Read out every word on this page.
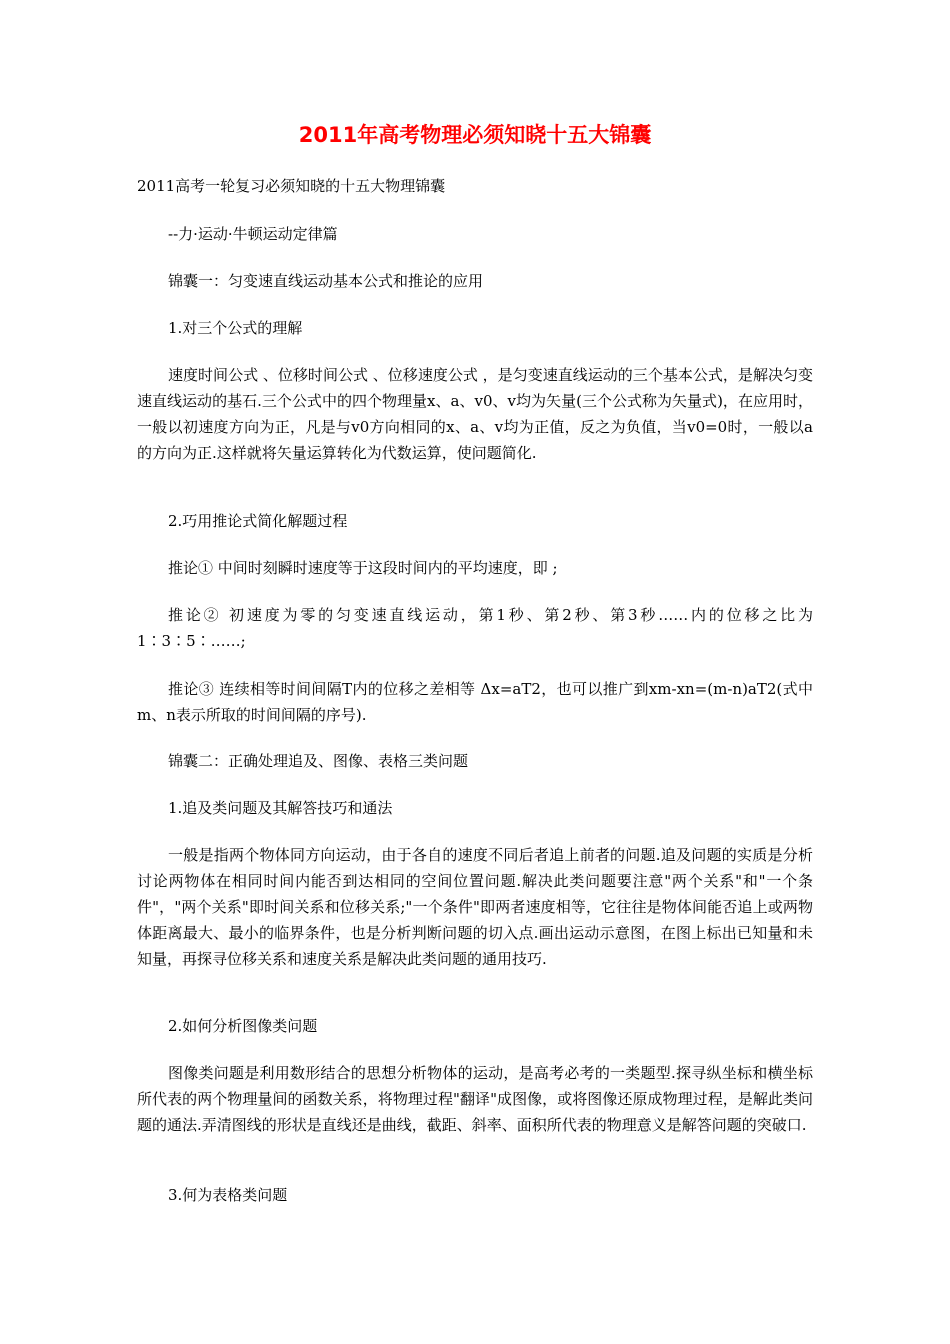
2011年高考物理必须知晓十五大锦囊

2011高考一轮复习必须知晓的十五大物理锦囊

--力·运动·牛顿运动定律篇

锦囊一：匀变速直线运动基本公式和推论的应用

1.对三个公式的理解

速度时间公式 、位移时间公式 、位移速度公式 ，是匀变速直线运动的三个基本公式，是解决匀变速直线运动的基石.三个公式中的四个物理量x、a、v0、v均为矢量(三个公式称为矢量式)，在应用时，一般以初速度方向为正，凡是与v0方向相同的x、a、v均为正值，反之为负值，当v0=0时，一般以a的方向为正.这样就将矢量运算转化为代数运算，使问题简化.

2.巧用推论式简化解题过程

推论① 中间时刻瞬时速度等于这段时间内的平均速度，即 ;

推论② 初速度为零的匀变速直线运动，第1秒、第2秒、第3秒……内的位移之比为1∶3∶5∶……;

推论③ 连续相等时间间隔T内的位移之差相等 Δx=aT2，也可以推广到xm-xn=(m-n)aT2(式中m、n表示所取的时间间隔的序号).

锦囊二：正确处理追及、图像、表格三类问题

1.追及类问题及其解答技巧和通法

一般是指两个物体同方向运动，由于各自的速度不同后者追上前者的问题.追及问题的实质是分析讨论两物体在相同时间内能否到达相同的空间位置问题.解决此类问题要注意"两个关系"和"一个条件"，"两个关系"即时间关系和位移关系;"一个条件"即两者速度相等，它往往是物体间能否追上或两物体距离最大、最小的临界条件，也是分析判断问题的切入点.画出运动示意图，在图上标出已知量和未知量，再探寻位移关系和速度关系是解决此类问题的通用技巧.

2.如何分析图像类问题

图像类问题是利用数形结合的思想分析物体的运动，是高考必考的一类题型.探寻纵坐标和横坐标所代表的两个物理量间的函数关系，将物理过程"翻译"成图像，或将图像还原成物理过程，是解此类问题的通法.弄清图线的形状是直线还是曲线，截距、斜率、面积所代表的物理意义是解答问题的突破口.

3.何为表格类问题
